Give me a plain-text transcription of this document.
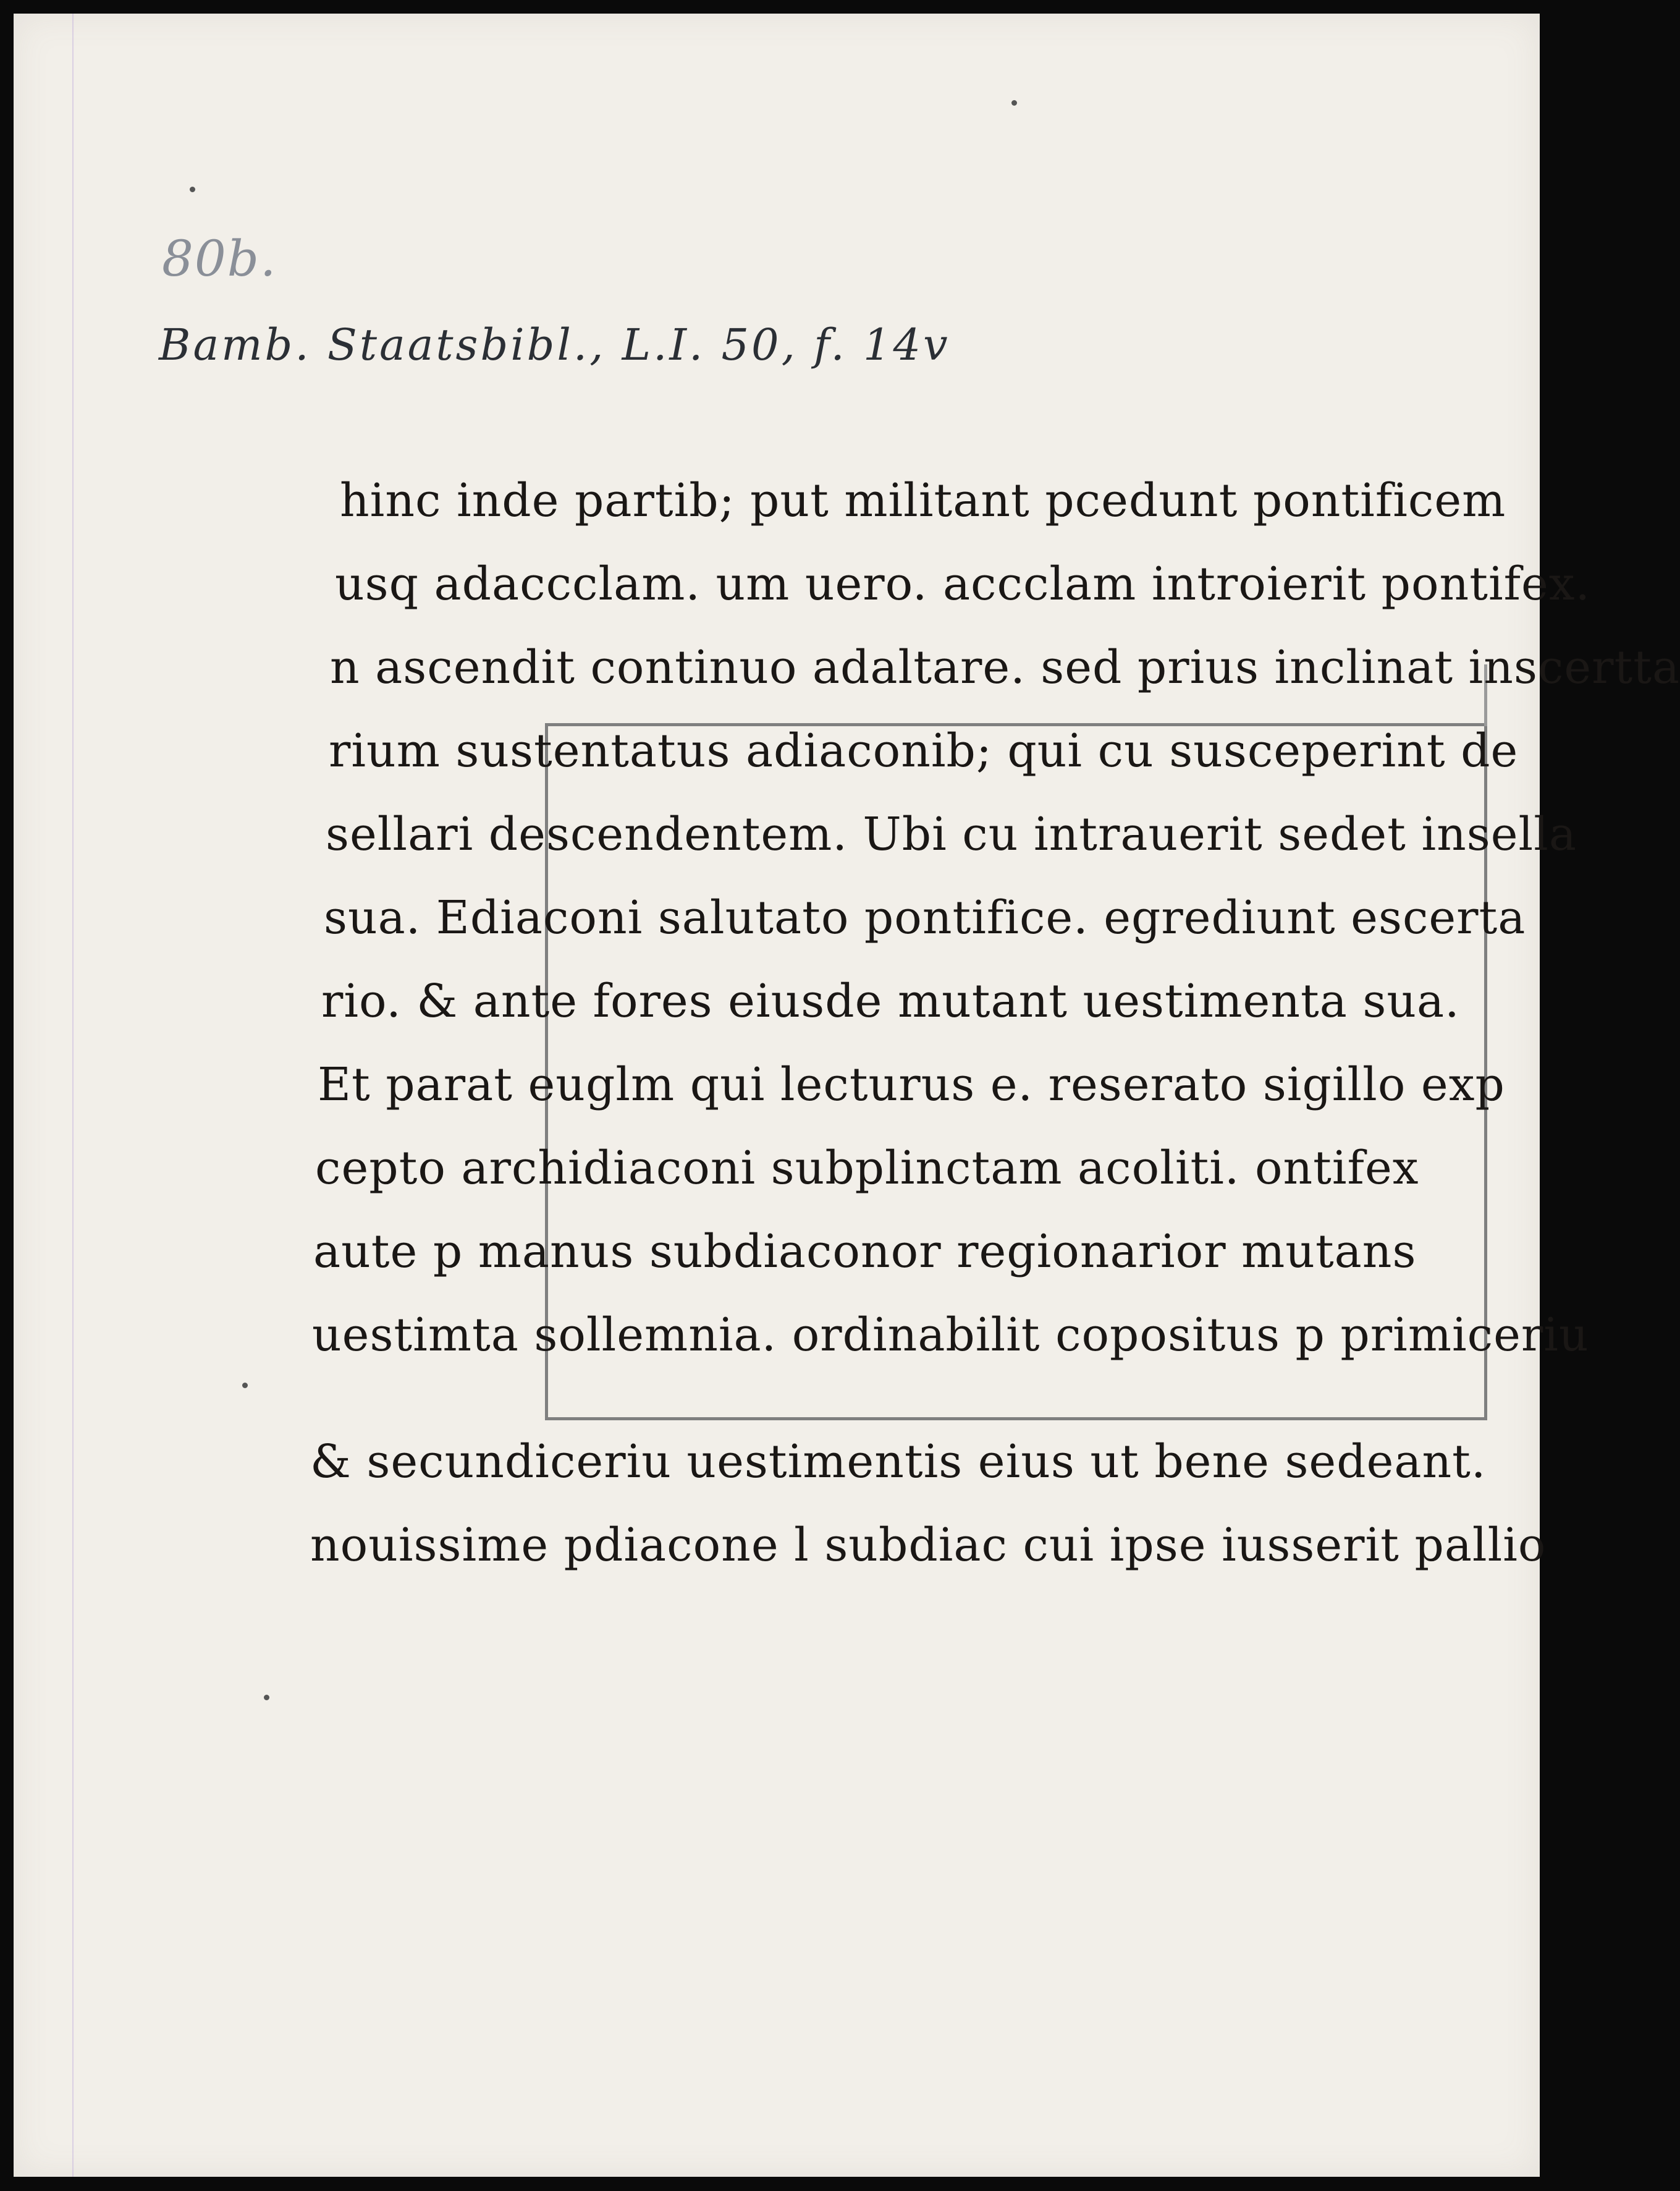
80b.
Bamb. Staatsbibl., L.I. 50, f. 14v
hinc inde partib; put militant pcedunt pontificem
usq adaccclam. um uero. accclam introierit pontifex.
n ascendit continuo adaltare. sed prius inclinat inscertta
rium sustentatus adiaconib; qui cu susceperint de
sellari descendentem. Ubi cu intrauerit sedet insella
sua. Ediaconi salutato pontifice. egrediunt escerta
rio. & ante fores eiusde mutant uestimenta sua.
Et parat euglm qui lecturus e. reserato sigillo exp
cepto archidiaconi subplinctam acoliti. ontifex
aute p manus subdiaconor regionarior mutans
uestimta sollemnia. ordinabilit copositus p primiceriu
& secundiceriu uestimentis eius ut bene sedeant.
nouissime pdiacone l subdiac cui ipse iusserit pallio
